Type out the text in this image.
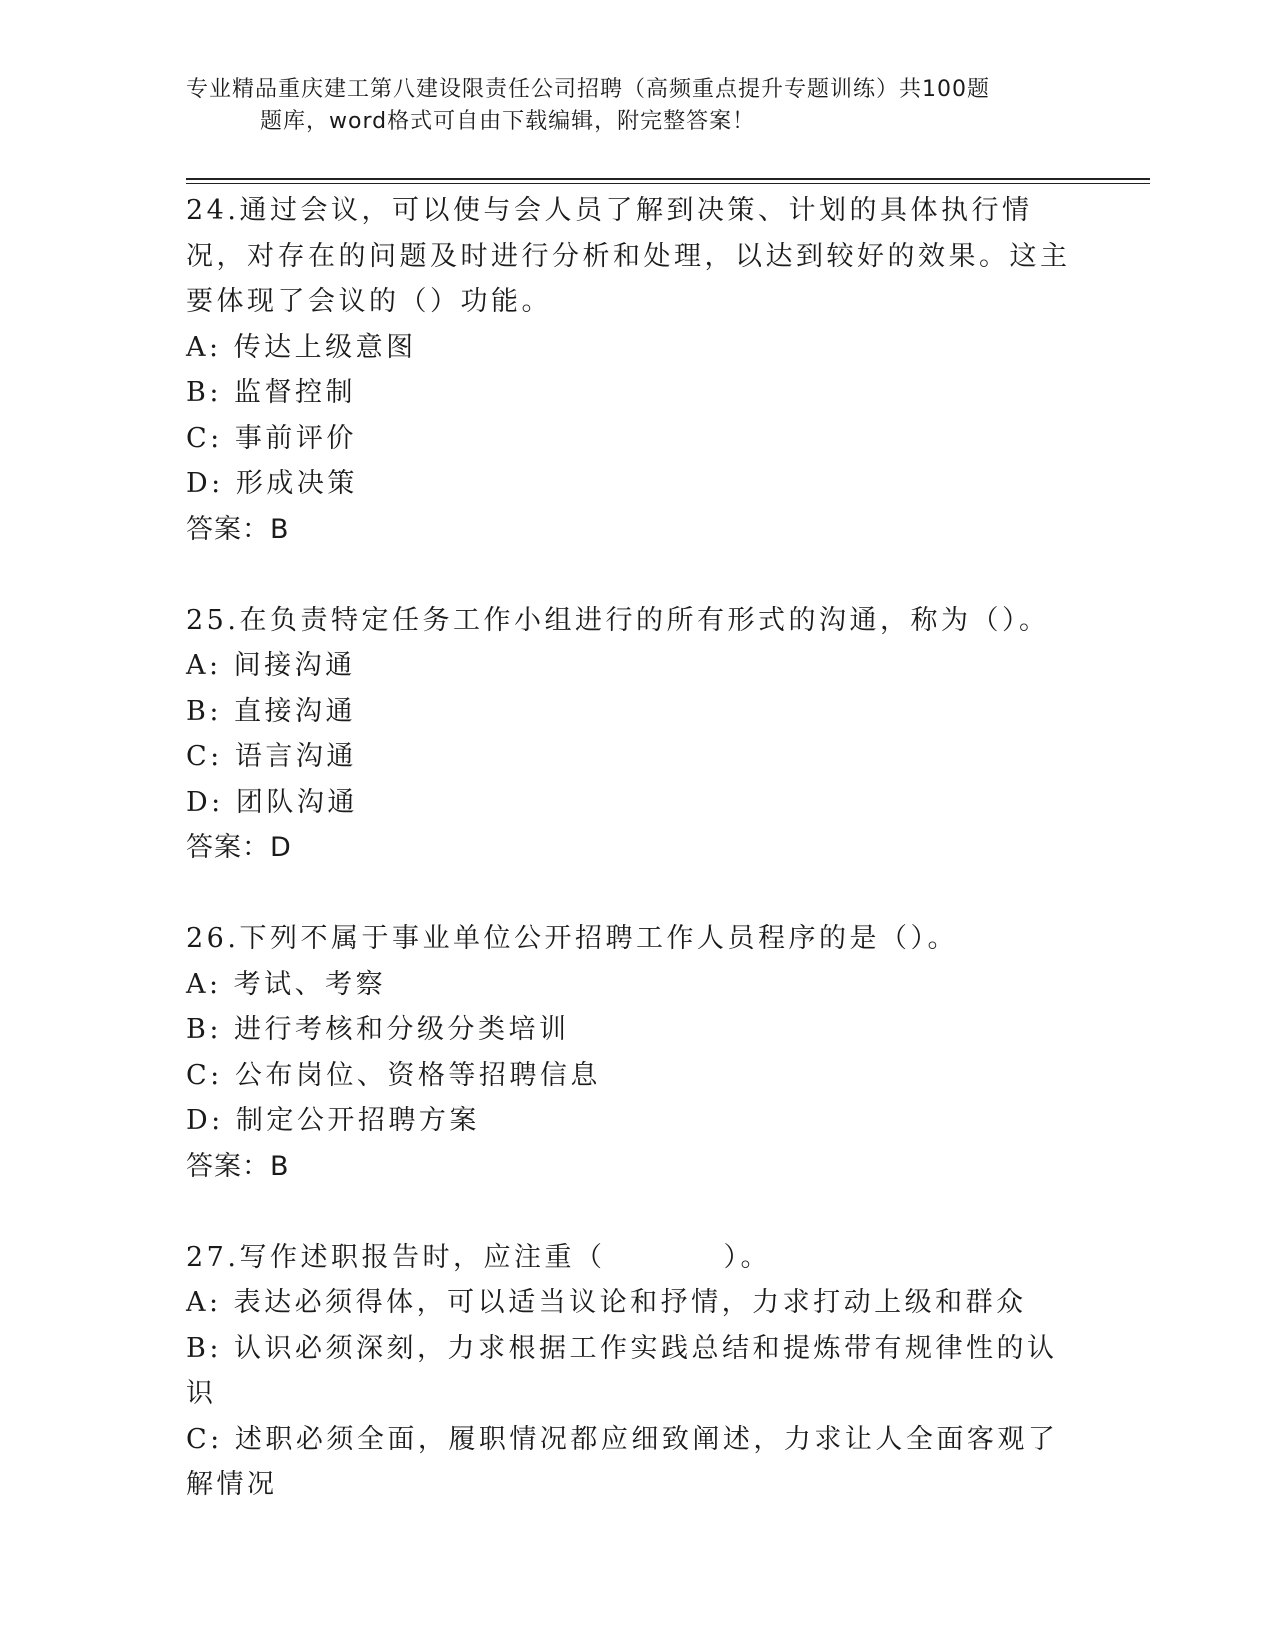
专业精品重庆建工第八建设限责任公司招聘（高频重点提升专题训练）共100题
题库，word格式可自由下载编辑，附完整答案！
24.通过会议，可以使与会人员了解到决策、计划的具体执行情况，对存在的问题及时进行分析和处理，以达到较好的效果。这主要体现了会议的（）功能。
A: 传达上级意图
B: 监督控制
C: 事前评价
D: 形成决策
答案：B
25.在负责特定任务工作小组进行的所有形式的沟通，称为（）。
A: 间接沟通
B: 直接沟通
C: 语言沟通
D: 团队沟通
答案：D
26.下列不属于事业单位公开招聘工作人员程序的是（）。
A: 考试、考察
B: 进行考核和分级分类培训
C: 公布岗位、资格等招聘信息
D: 制定公开招聘方案
答案：B
27.写作述职报告时，应注重（	）。
A: 表达必须得体，可以适当议论和抒情，力求打动上级和群众
B: 认识必须深刻，力求根据工作实践总结和提炼带有规律性的认识
C: 述职必须全面，履职情况都应细致阐述，力求让人全面客观了解情况
